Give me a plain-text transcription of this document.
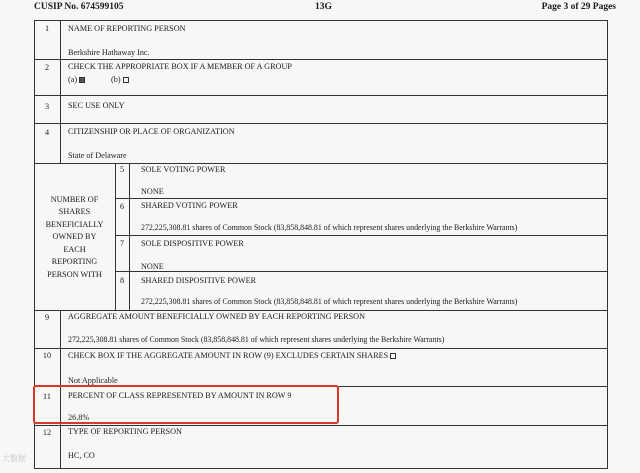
CUSIP No. 674599105	13G	Page 3 of 29 Pages
1	NAME OF REPORTING PERSON
Berkshire Hathaway Inc.
2	CHECK THE APPROPRIATE BOX IF A MEMBER OF A GROUP
(a)	(b)
3	SEC USE ONLY
4	CITIZENSHIP OR PLACE OF ORGANIZATION
State of Delaware
NUMBER OF SHARES BENEFICIALLY OWNED BY EACH REPORTING PERSON WITH
5	SOLE VOTING POWER
NONE
6	SHARED VOTING POWER
272,225,308.81 shares of Common Stock (83,858,848.81 of which represent shares underlying the Berkshire Warrants)
7	SOLE DISPOSITIVE POWER
NONE
8	SHARED DISPOSITIVE POWER
272,225,308.81 shares of Common Stock (83,858,848.81 of which represent shares underlying the Berkshire Warrants)
9	AGGREGATE AMOUNT BENEFICIALLY OWNED BY EACH REPORTING PERSON
272,225,308.81 shares of Common Stock (83,858,848.81 of which represent shares underlying the Berkshire Warrants)
10	CHECK BOX IF THE AGGREGATE AMOUNT IN ROW (9) EXCLUDES CERTAIN SHARES
Not Applicable
11	PERCENT OF CLASS REPRESENTED BY AMOUNT IN ROW 9
26.8%
12	TYPE OF REPORTING PERSON
HC, CO
大数据
